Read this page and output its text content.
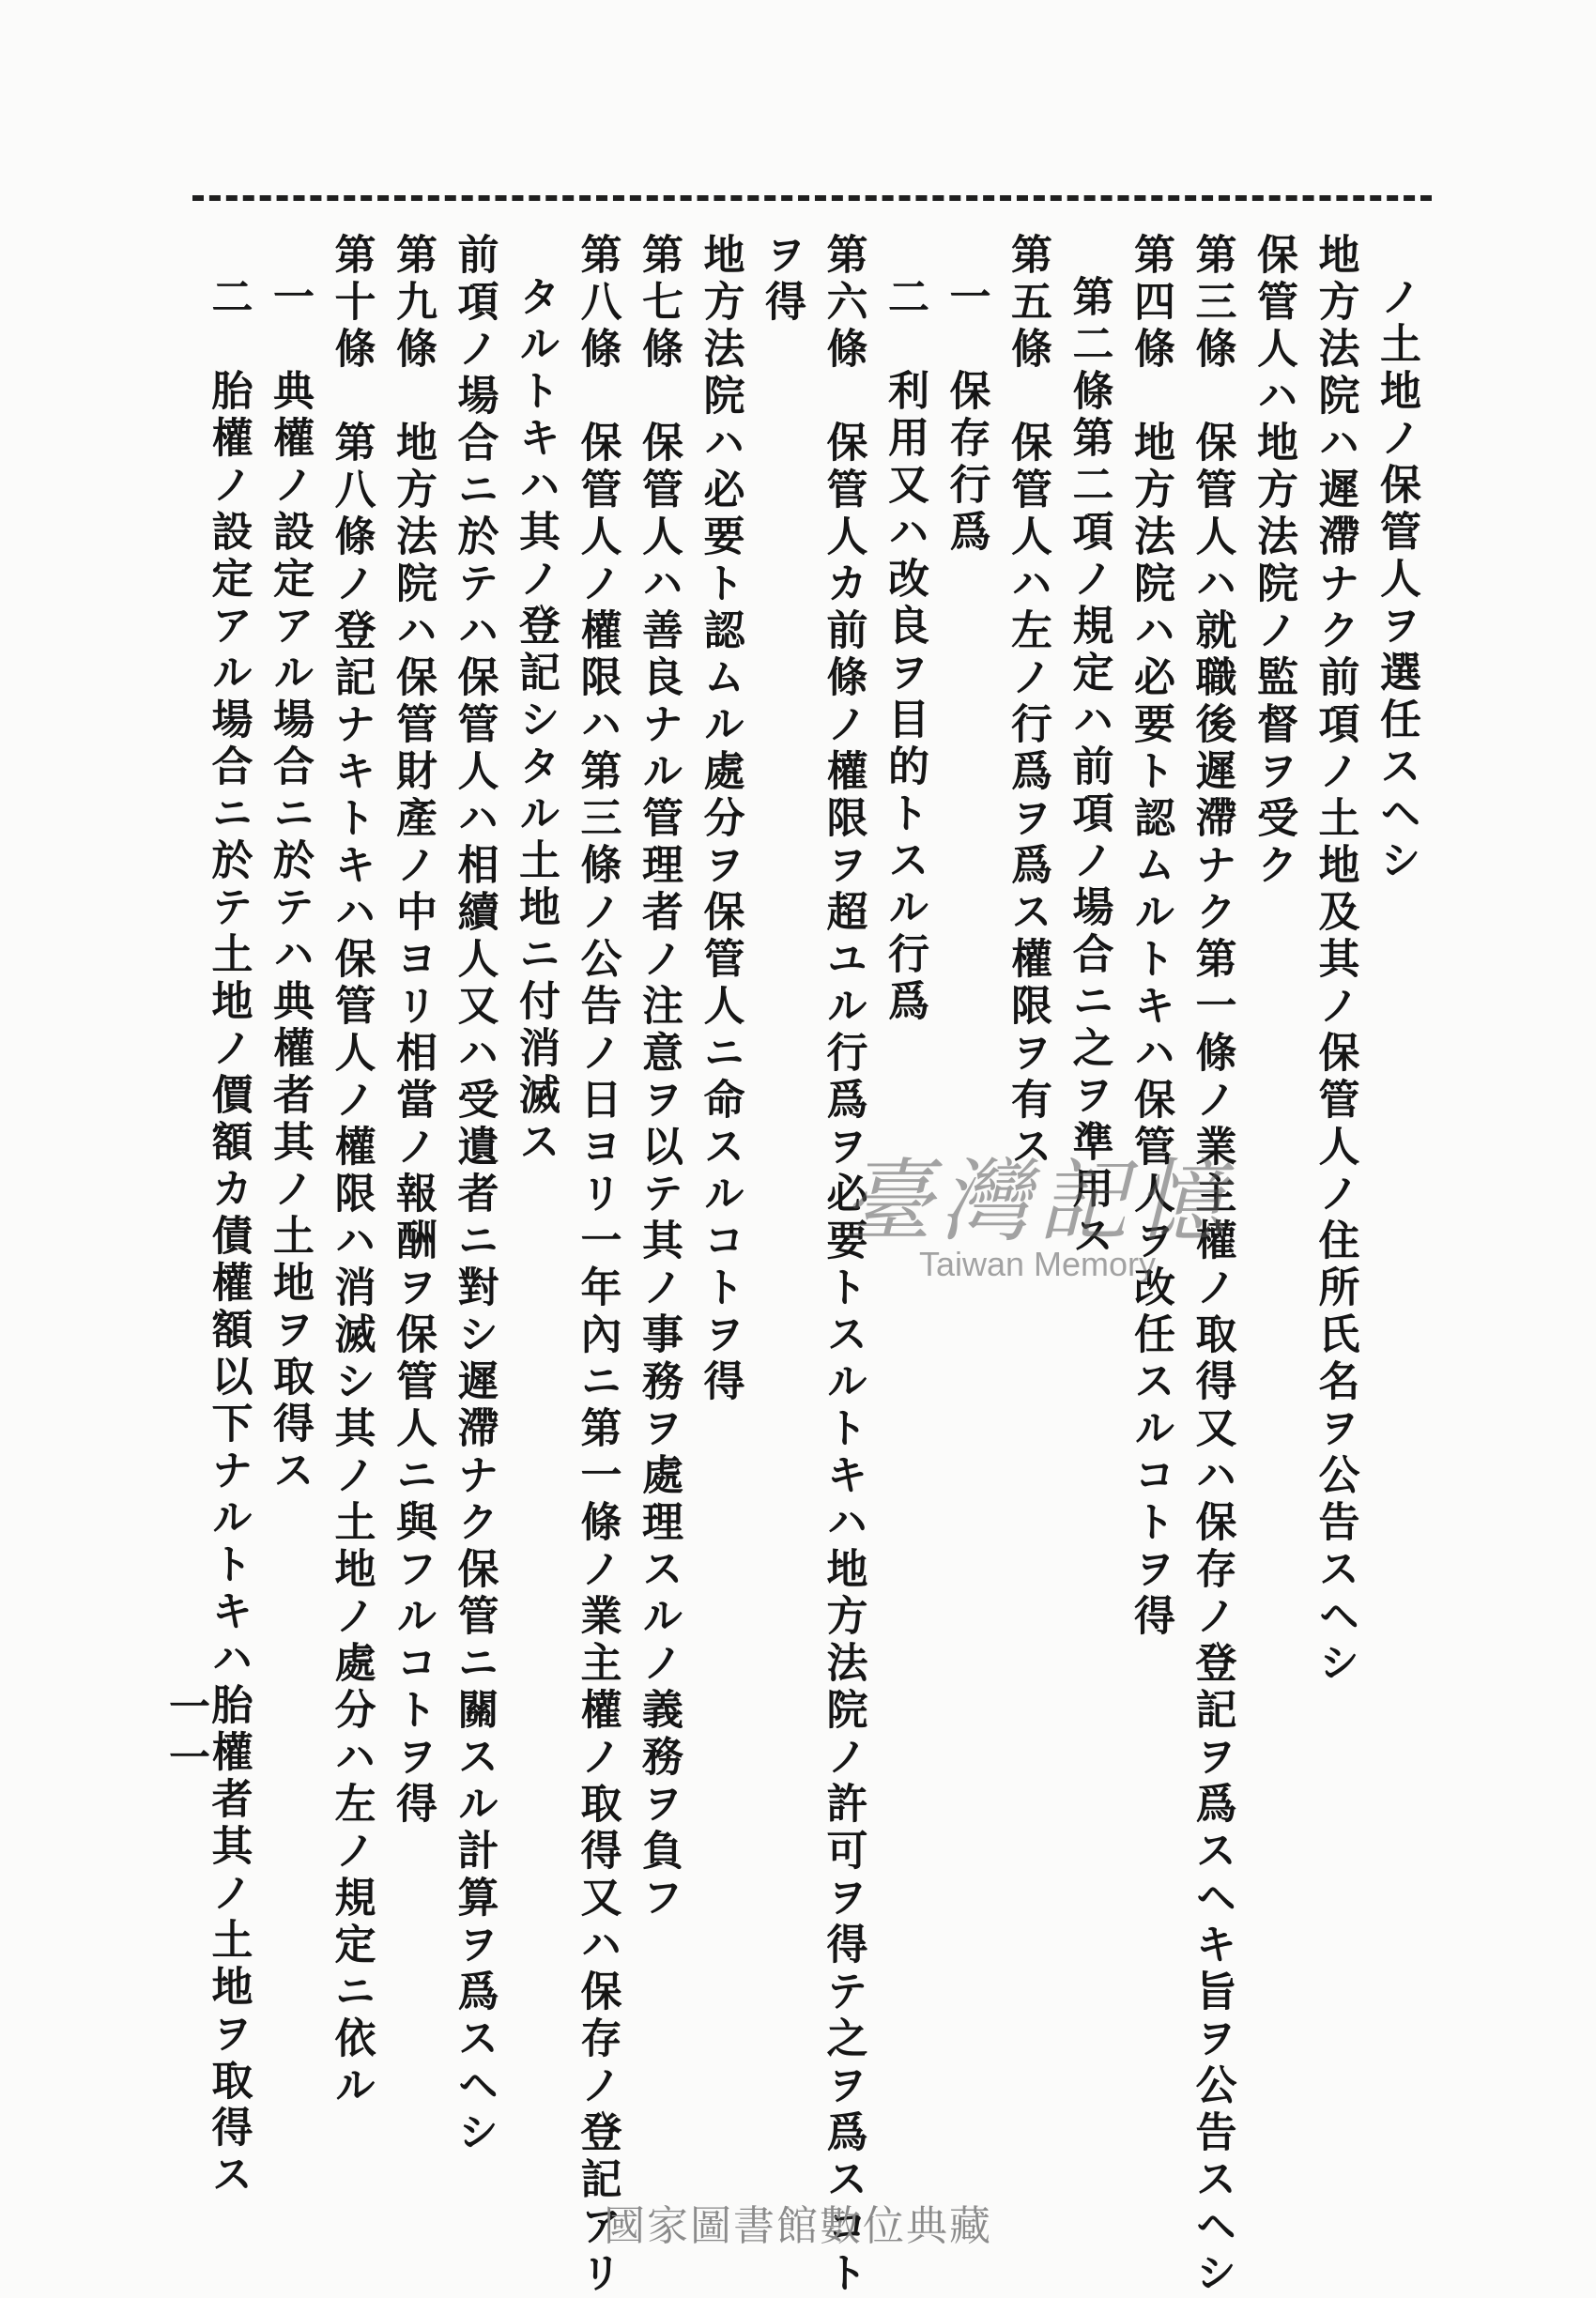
ノ土地ノ保管人ヲ選任スヘシ
地方法院ハ遲滯ナク前項ノ土地及其ノ保管人ノ住所氏名ヲ公告スヘシ
保管人ハ地方法院ノ監督ヲ受ク
第三條　保管人ハ就職後遲滯ナク第一條ノ業主權ノ取得又ハ保存ノ登記ヲ爲スヘキ旨ヲ公告スヘシ
第四條　地方法院ハ必要ト認ムルトキハ保管人ヲ改任スルコトヲ得
第二條第二項ノ規定ハ前項ノ場合ニ之ヲ準用ス
第五條　保管人ハ左ノ行爲ヲ爲ス權限ヲ有ス
一　保存行爲
二　利用又ハ改良ヲ目的トスル行爲
第六條　保管人カ前條ノ權限ヲ超ユル行爲ヲ必要トスルトキハ地方法院ノ許可ヲ得テ之ヲ爲スコト
ヲ得
地方法院ハ必要ト認ムル處分ヲ保管人ニ命スルコトヲ得
第七條　保管人ハ善良ナル管理者ノ注意ヲ以テ其ノ事務ヲ處理スルノ義務ヲ負フ
第八條　保管人ノ權限ハ第三條ノ公告ノ日ヨリ一年內ニ第一條ノ業主權ノ取得又ハ保存ノ登記アリ
タルトキハ其ノ登記シタル土地ニ付消滅ス
前項ノ場合ニ於テハ保管人ハ相續人又ハ受遺者ニ對シ遲滯ナク保管ニ關スル計算ヲ爲スヘシ
第九條　地方法院ハ保管財產ノ中ヨリ相當ノ報酬ヲ保管人ニ與フルコトヲ得
第十條　第八條ノ登記ナキトキハ保管人ノ權限ハ消滅シ其ノ土地ノ處分ハ左ノ規定ニ依ル
一　典權ノ設定アル場合ニ於テハ典權者其ノ土地ヲ取得ス
二　胎權ノ設定アル場合ニ於テ土地ノ價額カ債權額以下ナルトキハ胎權者其ノ土地ヲ取得ス
一一
臺灣記憶
Taiwan Memory
國家圖書館數位典藏
